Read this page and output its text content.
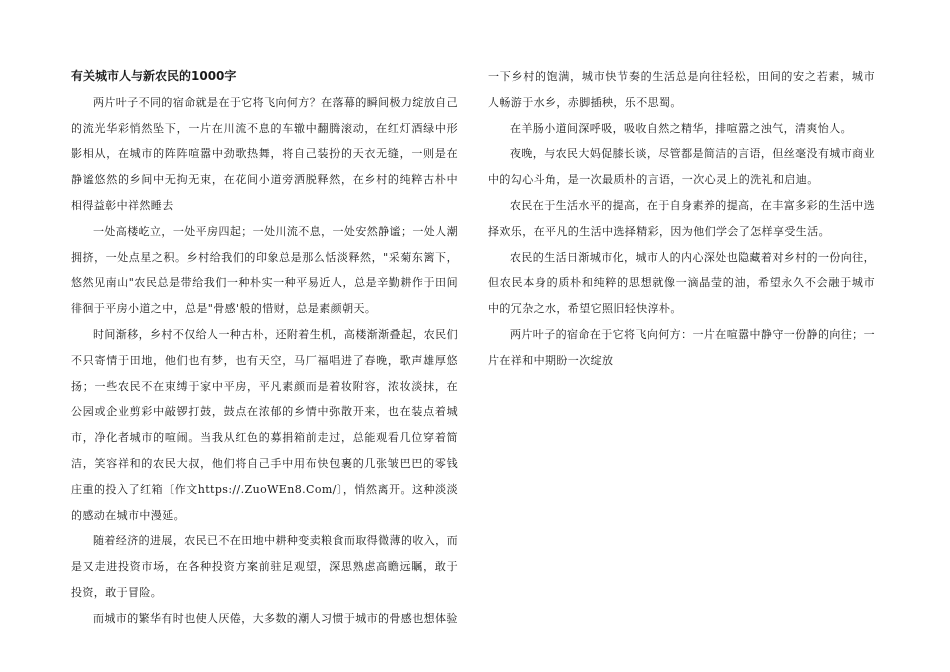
有关城市人与新农民的1000字

两片叶子不同的宿命就是在于它将飞向何方？在落幕的瞬间极力绽放自己的流光华彩悄然坠下，一片在川流不息的车辙中翻腾滚动，在红灯酒绿中形影相从，在城市的阵阵喧嚣中劲歌热舞，将自己装扮的天衣无缝，一则是在静谧悠然的乡间中无拘无束，在花间小道旁洒脱释然，在乡村的纯粹古朴中相得益彰中祥然睡去

一处高楼屹立，一处平房四起；一处川流不息，一处安然静谧；一处人潮拥挤，一处点星之积。乡村给我们的印象总是那么恬淡释然，"采菊东篱下，悠然见南山"农民总是带给我们一种朴实一种平易近人，总是辛勤耕作于田间徘徊于平房小道之中，总是"骨感'般的惜财，总是素颜朝天。

时间渐移，乡村不仅给人一种古朴，还附着生机，高楼渐渐叠起，农民们不只寄情于田地，他们也有梦，也有天空，马厂福唱进了春晚，歌声雄厚悠扬；一些农民不在束缚于家中平房，平凡素颜而是着妆附容，浓妆淡抹，在公园或企业剪彩中敲锣打鼓，鼓点在浓郁的乡情中弥散开来，也在装点着城市，净化者城市的喧闹。当我从红色的募捐箱前走过，总能观看几位穿着简洁，笑容祥和的农民大叔，他们将自己手中用布快包裹的几张皱巴巴的零钱庄重的投入了红箱〔作文https://.ZuoWEn8.Com/〕，悄然离开。这种淡淡的感动在城市中漫延。

随着经济的进展，农民已不在田地中耕种变卖粮食而取得微薄的收入，而是又走进投资市场，在各种投资方案前驻足观望，深思熟虑高瞻远瞩，敢于投资，敢于冒险。

而城市的繁华有时也使人厌倦，大多数的潮人习惯于城市的骨感也想体验

一下乡村的饱满，城市快节奏的生活总是向往轻松，田间的安之若素，城市人畅游于水乡，赤脚插秧，乐不思蜀。

在羊肠小道间深呼吸，吸收自然之精华，排喧嚣之浊气，清爽怡人。

夜晚，与农民大妈促膝长谈，尽管都是简洁的言语，但丝毫没有城市商业中的勾心斗角，是一次最质朴的言语，一次心灵上的洗礼和启迪。

农民在于生活水平的提高，在于自身素养的提高，在丰富多彩的生活中选择欢乐，在平凡的生活中选择精彩，因为他们学会了怎样享受生活。

农民的生活日渐城市化，城市人的内心深处也隐藏着对乡村的一份向往，但农民本身的质朴和纯粹的思想就像一滴晶莹的油，希望永久不会融于城市中的冗杂之水，希望它照旧轻快淳朴。

两片叶子的宿命在于它将飞向何方：一片在喧嚣中静守一份静的向往；一片在祥和中期盼一次绽放
